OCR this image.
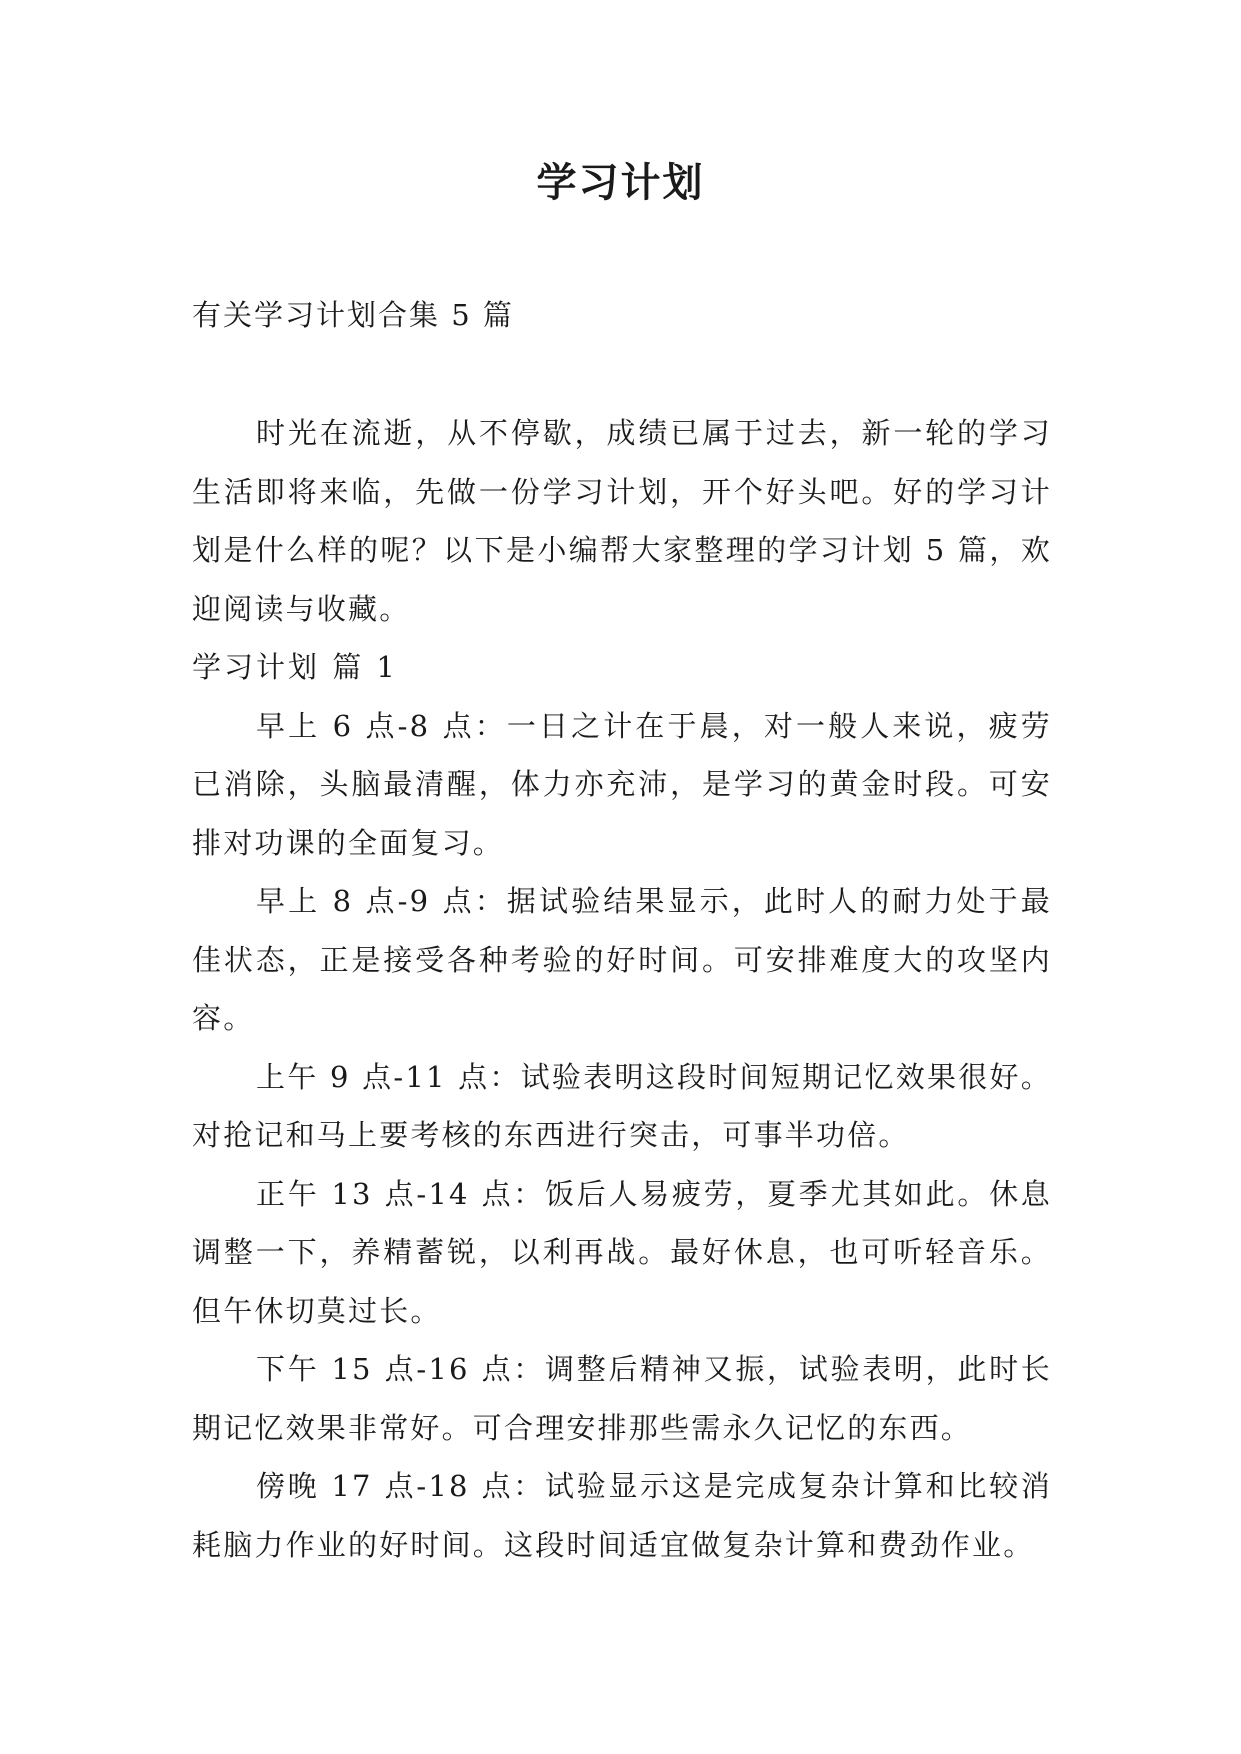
学习计划

有关学习计划合集 5 篇

时光在流逝，从不停歇，成绩已属于过去，新一轮的学习生活即将来临，先做一份学习计划，开个好头吧。好的学习计划是什么样的呢？以下是小编帮大家整理的学习计划 5 篇，欢迎阅读与收藏。

学习计划 篇 1

早上 6 点-8 点：一日之计在于晨，对一般人来说，疲劳已消除，头脑最清醒，体力亦充沛，是学习的黄金时段。可安排对功课的全面复习。

早上 8 点-9 点：据试验结果显示，此时人的耐力处于最佳状态，正是接受各种考验的好时间。可安排难度大的攻坚内容。

上午 9 点-11 点：试验表明这段时间短期记忆效果很好。对抢记和马上要考核的东西进行突击，可事半功倍。

正午 13 点-14 点：饭后人易疲劳，夏季尤其如此。休息调整一下，养精蓄锐，以利再战。最好休息，也可听轻音乐。但午休切莫过长。

下午 15 点-16 点：调整后精神又振，试验表明，此时长期记忆效果非常好。可合理安排那些需永久记忆的东西。

傍晚 17 点-18 点：试验显示这是完成复杂计算和比较消耗脑力作业的好时间。这段时间适宜做复杂计算和费劲作业。
